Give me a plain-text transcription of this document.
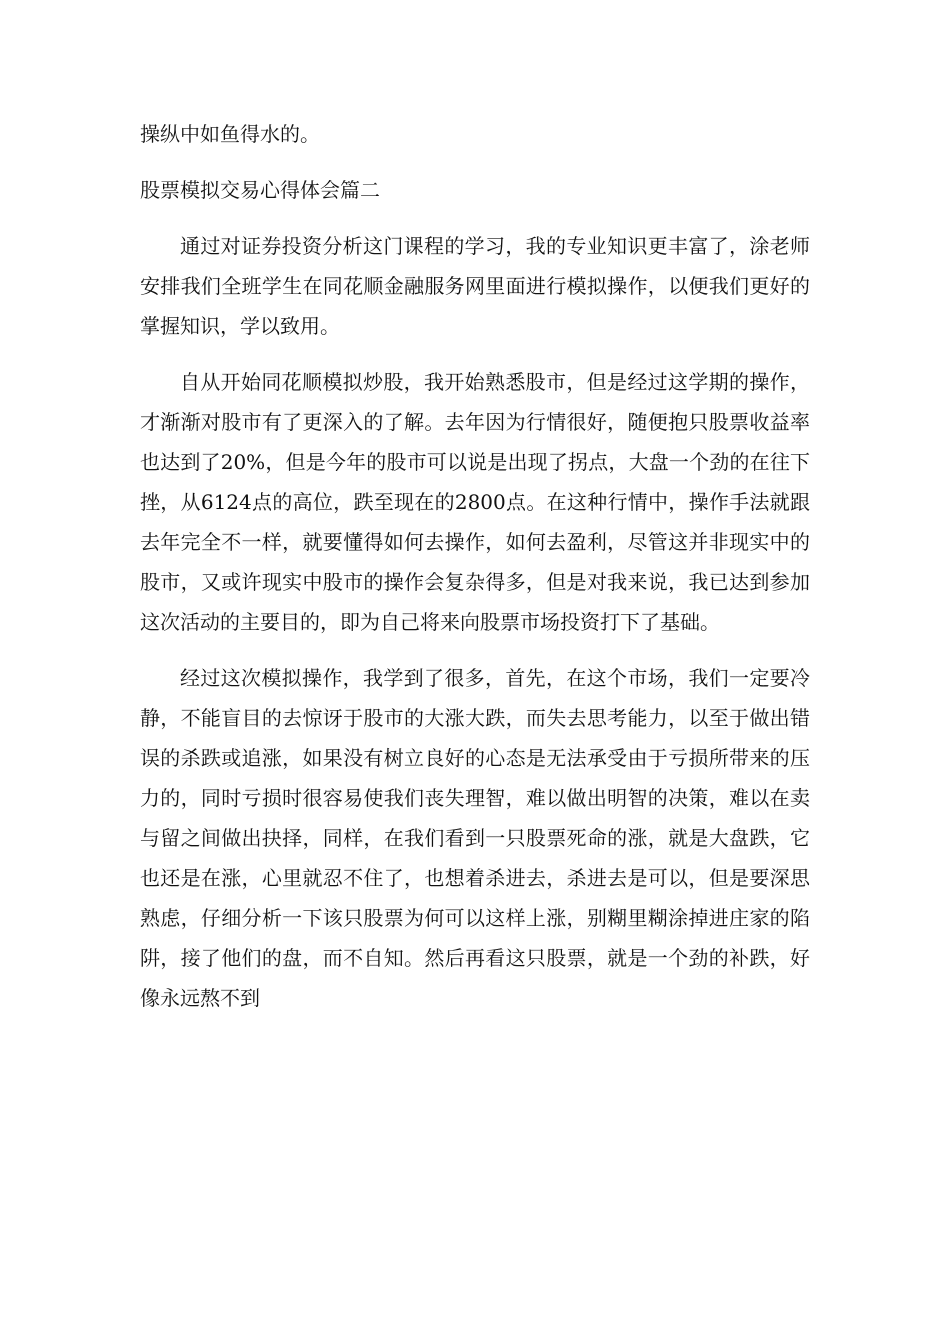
操纵中如鱼得水的。

股票模拟交易心得体会篇二

通过对证券投资分析这门课程的学习，我的专业知识更丰富了，涂老师安排我们全班学生在同花顺金融服务网里面进行模拟操作，以便我们更好的掌握知识，学以致用。

自从开始同花顺模拟炒股，我开始熟悉股市，但是经过这学期的操作，才渐渐对股市有了更深入的了解。去年因为行情很好，随便抱只股票收益率也达到了20%，但是今年的股市可以说是出现了拐点，大盘一个劲的在往下挫，从6124点的高位，跌至现在的2800点。在这种行情中，操作手法就跟去年完全不一样，就要懂得如何去操作，如何去盈利，尽管这并非现实中的股市，又或许现实中股市的操作会复杂得多，但是对我来说，我已达到参加这次活动的主要目的，即为自己将来向股票市场投资打下了基础。

经过这次模拟操作，我学到了很多，首先，在这个市场，我们一定要冷静，不能盲目的去惊讶于股市的大涨大跌，而失去思考能力，以至于做出错误的杀跌或追涨，如果没有树立良好的心态是无法承受由于亏损所带来的压力的，同时亏损时很容易使我们丧失理智，难以做出明智的决策，难以在卖与留之间做出抉择，同样，在我们看到一只股票死命的涨，就是大盘跌，它也还是在涨，心里就忍不住了，也想着杀进去，杀进去是可以，但是要深思熟虑，仔细分析一下该只股票为何可以这样上涨，别糊里糊涂掉进庄家的陷阱，接了他们的盘，而不自知。然后再看这只股票，就是一个劲的补跌，好像永远熬不到
